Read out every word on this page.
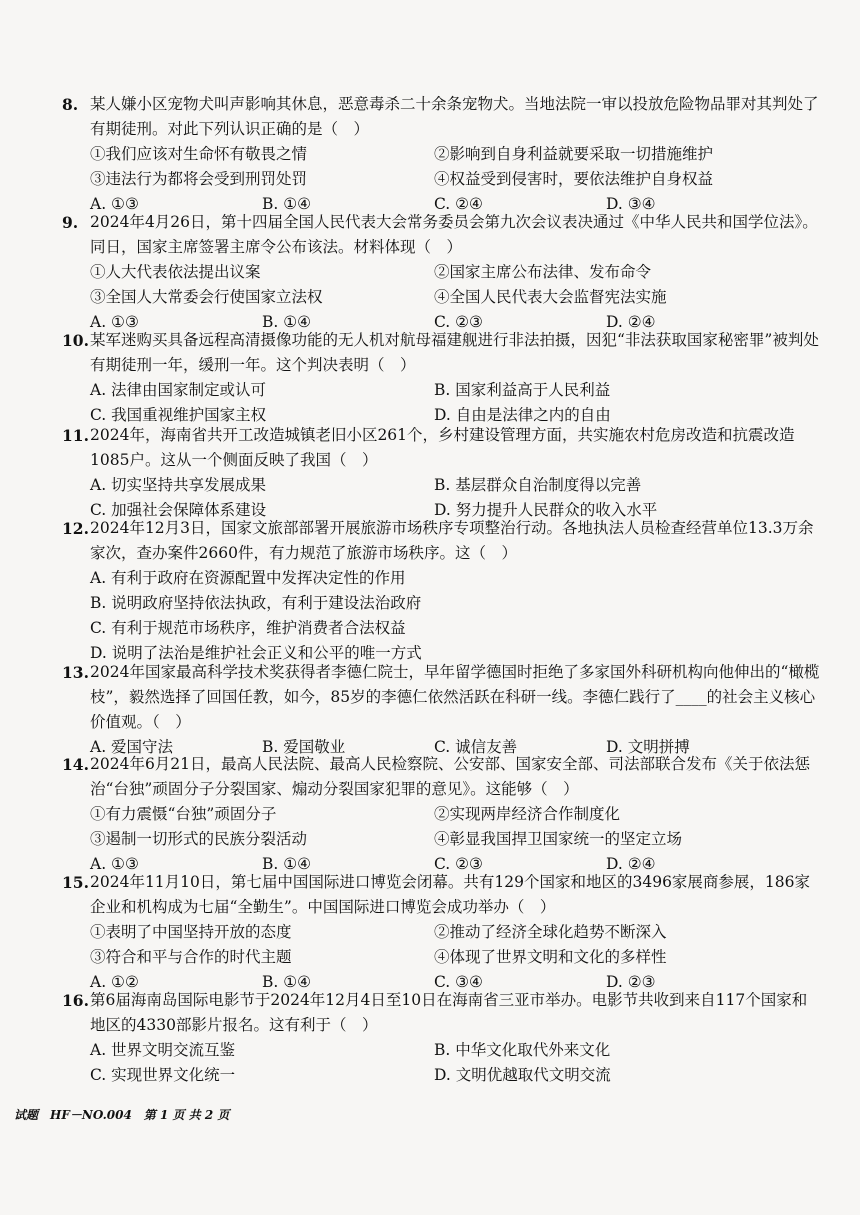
8. 某人嫌小区宠物犬叫声影响其休息，恶意毒杀二十余条宠物犬。当地法院一审以投放危险物品罪对其判处了有期徒刑。对此下列认识正确的是（　）
①我们应该对生命怀有敬畏之情	②影响到自身利益就要采取一切措施维护
③违法行为都将会受到刑罚处罚	④权益受到侵害时，要依法维护自身权益
A. ①③	B. ①④	C. ②④	D. ③④
9. 2024年4月26日，第十四届全国人民代表大会常务委员会第九次会议表决通过《中华人民共和国学位法》。同日，国家主席签署主席令公布该法。材料体现（　）
①人大代表依法提出议案	②国家主席公布法律、发布命令
③全国人大常委会行使国家立法权	④全国人民代表大会监督宪法实施
A. ①③	B. ①④	C. ②③	D. ②④
10. 某军迷购买具备远程高清摄像功能的无人机对航母福建舰进行非法拍摄，因犯“非法获取国家秘密罪”被判处有期徒刑一年，缓刑一年。这个判决表明（　）
A. 法律由国家制定或认可	B. 国家利益高于人民利益
C. 我国重视维护国家主权	D. 自由是法律之内的自由
11. 2024年，海南省共开工改造城镇老旧小区261个，乡村建设管理方面，共实施农村危房改造和抗震改造1085户。这从一个侧面反映了我国（　）
A. 切实坚持共享发展成果	B. 基层群众自治制度得以完善
C. 加强社会保障体系建设	D. 努力提升人民群众的收入水平
12. 2024年12月3日，国家文旅部部署开展旅游市场秩序专项整治行动。各地执法人员检查经营单位13.3万余家次，查办案件2660件，有力规范了旅游市场秩序。这（　）
A. 有利于政府在资源配置中发挥决定性的作用
B. 说明政府坚持依法执政，有利于建设法治政府
C. 有利于规范市场秩序，维护消费者合法权益
D. 说明了法治是维护社会正义和公平的唯一方式
13. 2024年国家最高科学技术奖获得者李德仁院士，早年留学德国时拒绝了多家国外科研机构向他伸出的“橄榄枝”，毅然选择了回国任教，如今，85岁的李德仁依然活跃在科研一线。李德仁践行了____的社会主义核心价值观。（　）
A. 爱国守法	B. 爱国敬业	C. 诚信友善	D. 文明拼搏
14. 2024年6月21日，最高人民法院、最高人民检察院、公安部、国家安全部、司法部联合发布《关于依法惩治“台独”顽固分子分裂国家、煽动分裂国家犯罪的意见》。这能够（　）
①有力震慑“台独”顽固分子	②实现两岸经济合作制度化
③遏制一切形式的民族分裂活动	④彰显我国捍卫国家统一的坚定立场
A. ①③	B. ①④	C. ②③	D. ②④
15. 2024年11月10日，第七届中国国际进口博览会闭幕。共有129个国家和地区的3496家展商参展，186家企业和机构成为七届“全勤生”。中国国际进口博览会成功举办（　）
①表明了中国坚持开放的态度	②推动了经济全球化趋势不断深入
③符合和平与合作的时代主题	④体现了世界文明和文化的多样性
A. ①②	B. ①④	C. ③④	D. ②③
16. 第6届海南岛国际电影节于2024年12月4日至10日在海南省三亚市举办。电影节共收到来自117个国家和地区的4330部影片报名。这有利于（　）
A. 世界文明交流互鉴	B. 中华文化取代外来文化
C. 实现世界文化统一	D. 文明优越取代文明交流
试题　HF－NO.004　第 1 页 共 2 页
